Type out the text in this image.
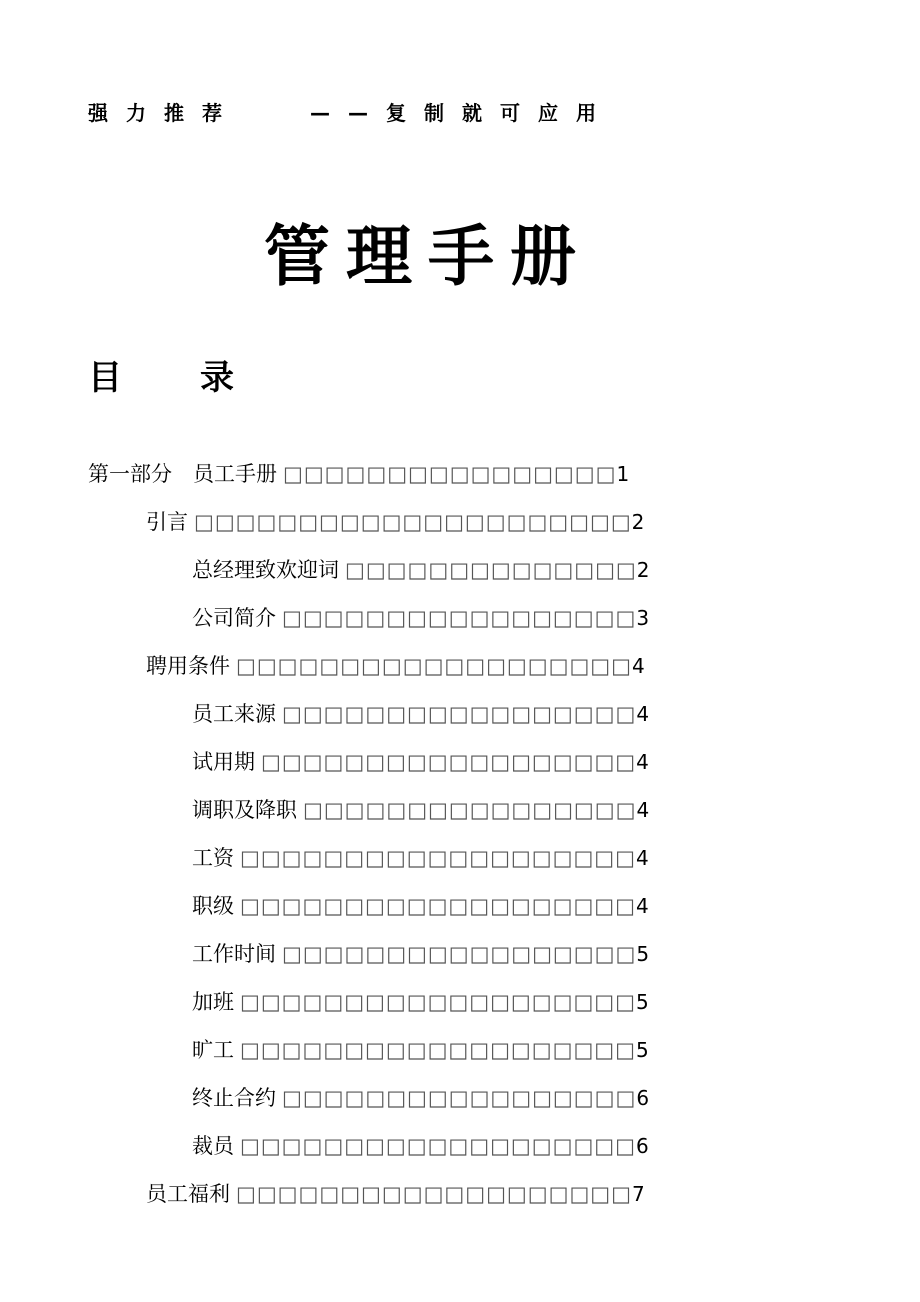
强力推荐	——复制就可应用
管理手册
目 录
第一部分　员工手册 □□□□□□□□□□□□□□□□ 1
引言 □□□□□□□□□□□□□□□□□□□□□ 2
总经理致欢迎词 □□□□□□□□□□□□□□ 2
公司简介 □□□□□□□□□□□□□□□□□ 3
聘用条件 □□□□□□□□□□□□□□□□□□□ 4
员工来源 □□□□□□□□□□□□□□□□□ 4
试用期 □□□□□□□□□□□□□□□□□□ 4
调职及降职 □□□□□□□□□□□□□□□□ 4
工资 □□□□□□□□□□□□□□□□□□□ 4
职级 □□□□□□□□□□□□□□□□□□□ 4
工作时间 □□□□□□□□□□□□□□□□□ 5
加班 □□□□□□□□□□□□□□□□□□□ 5
旷工 □□□□□□□□□□□□□□□□□□□ 5
终止合约 □□□□□□□□□□□□□□□□□ 6
裁员 □□□□□□□□□□□□□□□□□□□ 6
员工福利 □□□□□□□□□□□□□□□□□□□ 7
